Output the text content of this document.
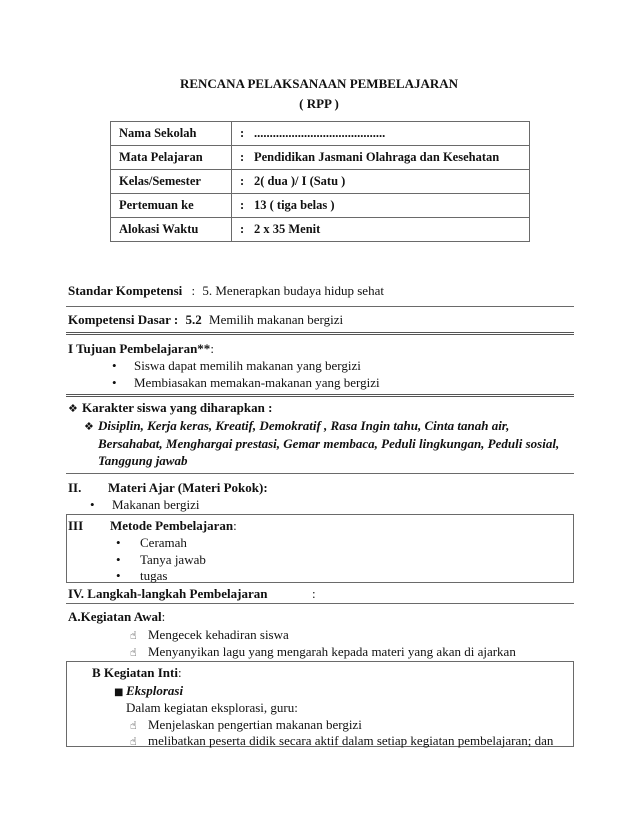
RENCANA PELAKSANAAN PEMBELAJARAN
( RPP )
Nama Sekolah	: ..........................................
Mata Pelajaran	: Pendidikan Jasmani Olahraga dan Kesehatan
Kelas/Semester	: 2( dua )/ I (Satu )
Pertemuan ke	: 13 ( tiga belas )
Alokasi Waktu	: 2 x 35 Menit
Standar Kompetensi : 5. Menerapkan budaya hidup sehat
Kompetensi Dasar : 5.2 Memilih makanan bergizi
I Tujuan Pembelajaran**:
• Siswa dapat memilih makanan yang bergizi
• Membiasakan memakan-makanan yang bergizi
❖ Karakter siswa yang diharapkan :
❖ Disiplin, Kerja keras, Kreatif, Demokratif , Rasa Ingin tahu, Cinta tanah air,
Bersahabat, Menghargai prestasi, Gemar membaca, Peduli lingkungan, Peduli sosial,
Tanggung jawab
II. Materi Ajar (Materi Pokok):
• Makanan bergizi
III Metode Pembelajaran:
• Ceramah
• Tanya jawab
• tugas
IV. Langkah-langkah Pembelajaran	:
A.Kegiatan Awal:
☝ Mengecek kehadiran siswa
☝ Menyanyikan lagu yang mengarah kepada materi yang akan di ajarkan
B Kegiatan Inti:
■ Eksplorasi
Dalam kegiatan eksplorasi, guru:
☝ Menjelaskan pengertian makanan bergizi
☝ melibatkan peserta didik secara aktif dalam setiap kegiatan pembelajaran; dan
